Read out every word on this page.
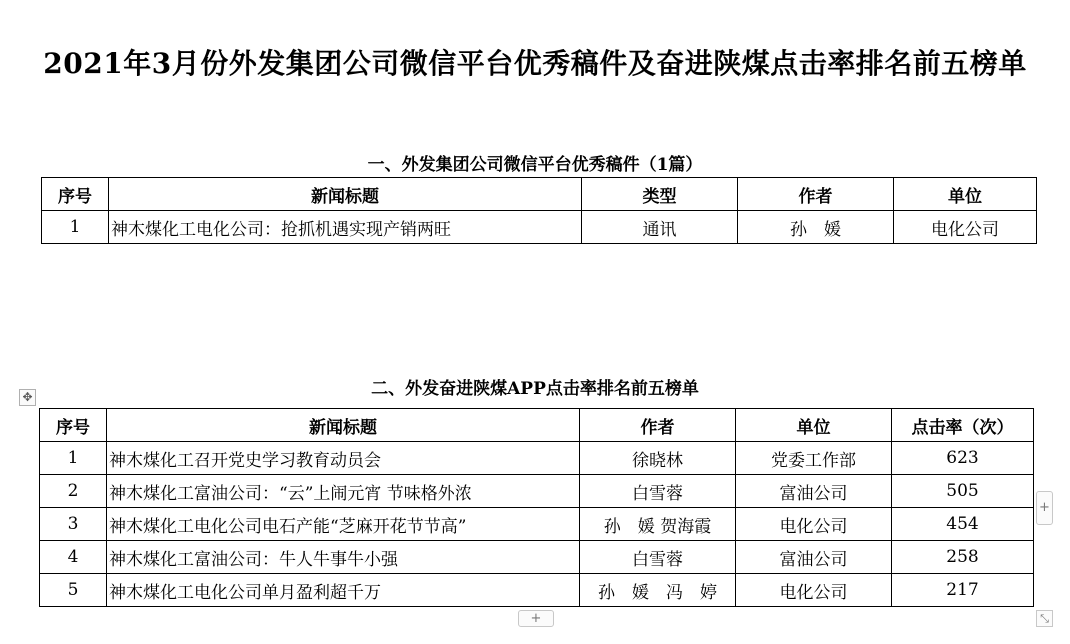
2021年3月份外发集团公司微信平台优秀稿件及奋进陕煤点击率排名前五榜单
一、外发集团公司微信平台优秀稿件（1篇）
序号	新闻标题	类型	作者	单位
1	神木煤化工电化公司：抢抓机遇实现产销两旺	通讯	孙　媛	电化公司
二、外发奋进陕煤APP点击率排名前五榜单
✥
序号	新闻标题	作者	单位	点击率（次）
1	神木煤化工召开党史学习教育动员会	徐晓林	党委工作部	623
2	神木煤化工富油公司：“云”上闹元宵 节味格外浓	白雪蓉	富油公司	505
3	神木煤化工电化公司电石产能“芝麻开花节节高”	孙　媛 贺海霞	电化公司	454
4	神木煤化工富油公司：牛人牛事牛小强	白雪蓉	富油公司	258
5	神木煤化工电化公司单月盈利超千万	孙　媛　冯　婷	电化公司	217
+
+	⤡
